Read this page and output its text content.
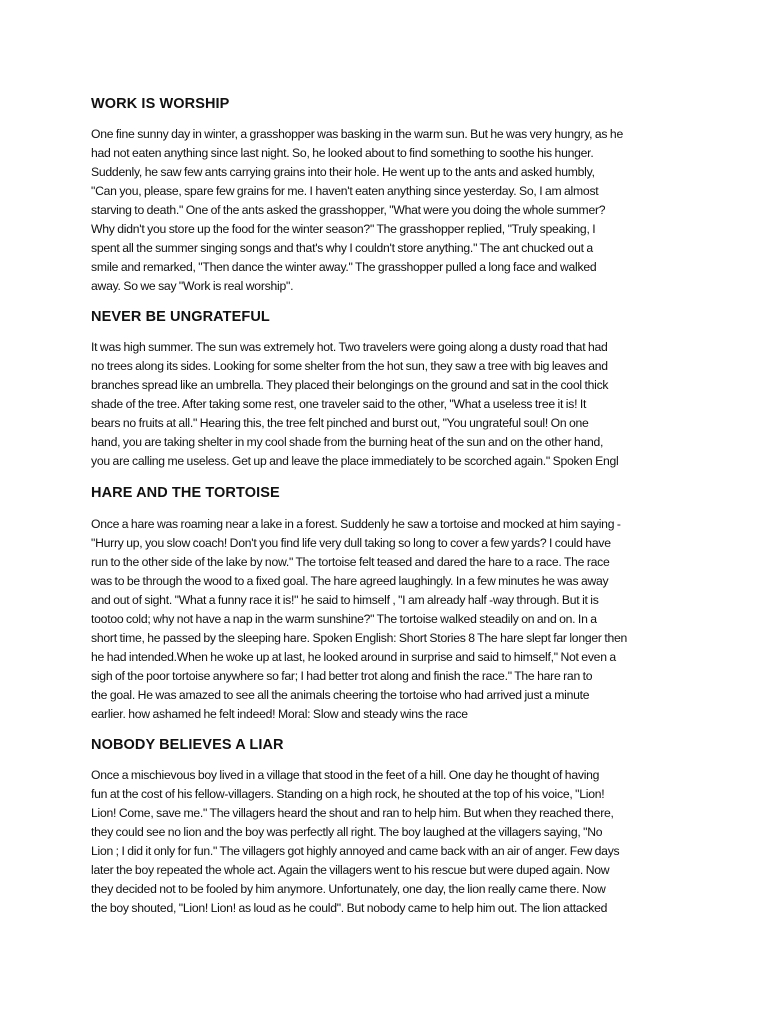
WORK IS WORSHIP
One fine sunny day in winter, a grasshopper was basking in the warm sun. But he was very hungry, as he
had not eaten anything since last night. So, he looked about to find something to soothe his hunger.
Suddenly, he saw few ants carrying grains into their hole. He went up to the ants and asked humbly,
"Can you, please, spare few grains for me. I haven't eaten anything since yesterday. So, I am almost
starving to death." One of the ants asked the grasshopper, "What were you doing the whole summer?
Why didn't you store up the food for the winter season?" The grasshopper replied, "Truly speaking, I
spent all the summer singing songs and that's why I couldn't store anything." The ant chucked out a
smile and remarked, "Then dance the winter away." The grasshopper pulled a long face and walked
away. So we say "Work is real worship".
NEVER BE UNGRATEFUL
It was high summer. The sun was extremely hot. Two travelers were going along a dusty road that had
no trees along its sides. Looking for some shelter from the hot sun, they saw a tree with big leaves and
branches spread like an umbrella. They placed their belongings on the ground and sat in the cool thick
shade of the tree. After taking some rest, one traveler said to the other, "What a useless tree it is! It
bears no fruits at all." Hearing this, the tree felt pinched and burst out, "You ungrateful soul! On one
hand, you are taking shelter in my cool shade from the burning heat of the sun and on the other hand,
you are calling me useless. Get up and leave the place immediately to be scorched again." Spoken Engl
HARE AND THE TORTOISE
Once a hare was roaming near a lake in a forest. Suddenly he saw a tortoise and mocked at him saying -
"Hurry up, you slow coach! Don't you find life very dull taking so long to cover a few yards? I could have
run to the other side of the lake by now." The tortoise felt teased and dared the hare to a race. The race
was to be through the wood to a fixed goal. The hare agreed laughingly. In a few minutes he was away
and out of sight. "What a funny race it is!" he said to himself , "I am already half -way through. But it is
tootoo cold; why not have a nap in the warm sunshine?" The tortoise walked steadily on and on. In a
short time, he passed by the sleeping hare. Spoken English: Short Stories 8 The hare slept far longer then
he had intended.When he woke up at last, he looked around in surprise and said to himself," Not even a
sigh of the poor tortoise anywhere so far; I had better trot along and finish the race." The hare ran to
the goal. He was amazed to see all the animals cheering the tortoise who had arrived just a minute
earlier. how ashamed he felt indeed! Moral: Slow and steady wins the race
NOBODY BELIEVES A LIAR
Once a mischievous boy lived in a village that stood in the feet of a hill. One day he thought of having
fun at the cost of his fellow-villagers. Standing on a high rock, he shouted at the top of his voice, "Lion!
Lion! Come, save me." The villagers heard the shout and ran to help him. But when they reached there,
they could see no lion and the boy was perfectly all right. The boy laughed at the villagers saying, "No
Lion ; I did it only for fun." The villagers got highly annoyed and came back with an air of anger. Few days
later the boy repeated the whole act. Again the villagers went to his rescue but were duped again. Now
they decided not to be fooled by him anymore. Unfortunately, one day, the lion really came there. Now
the boy shouted, "Lion! Lion! as loud as he could". But nobody came to help him out. The lion attacked
